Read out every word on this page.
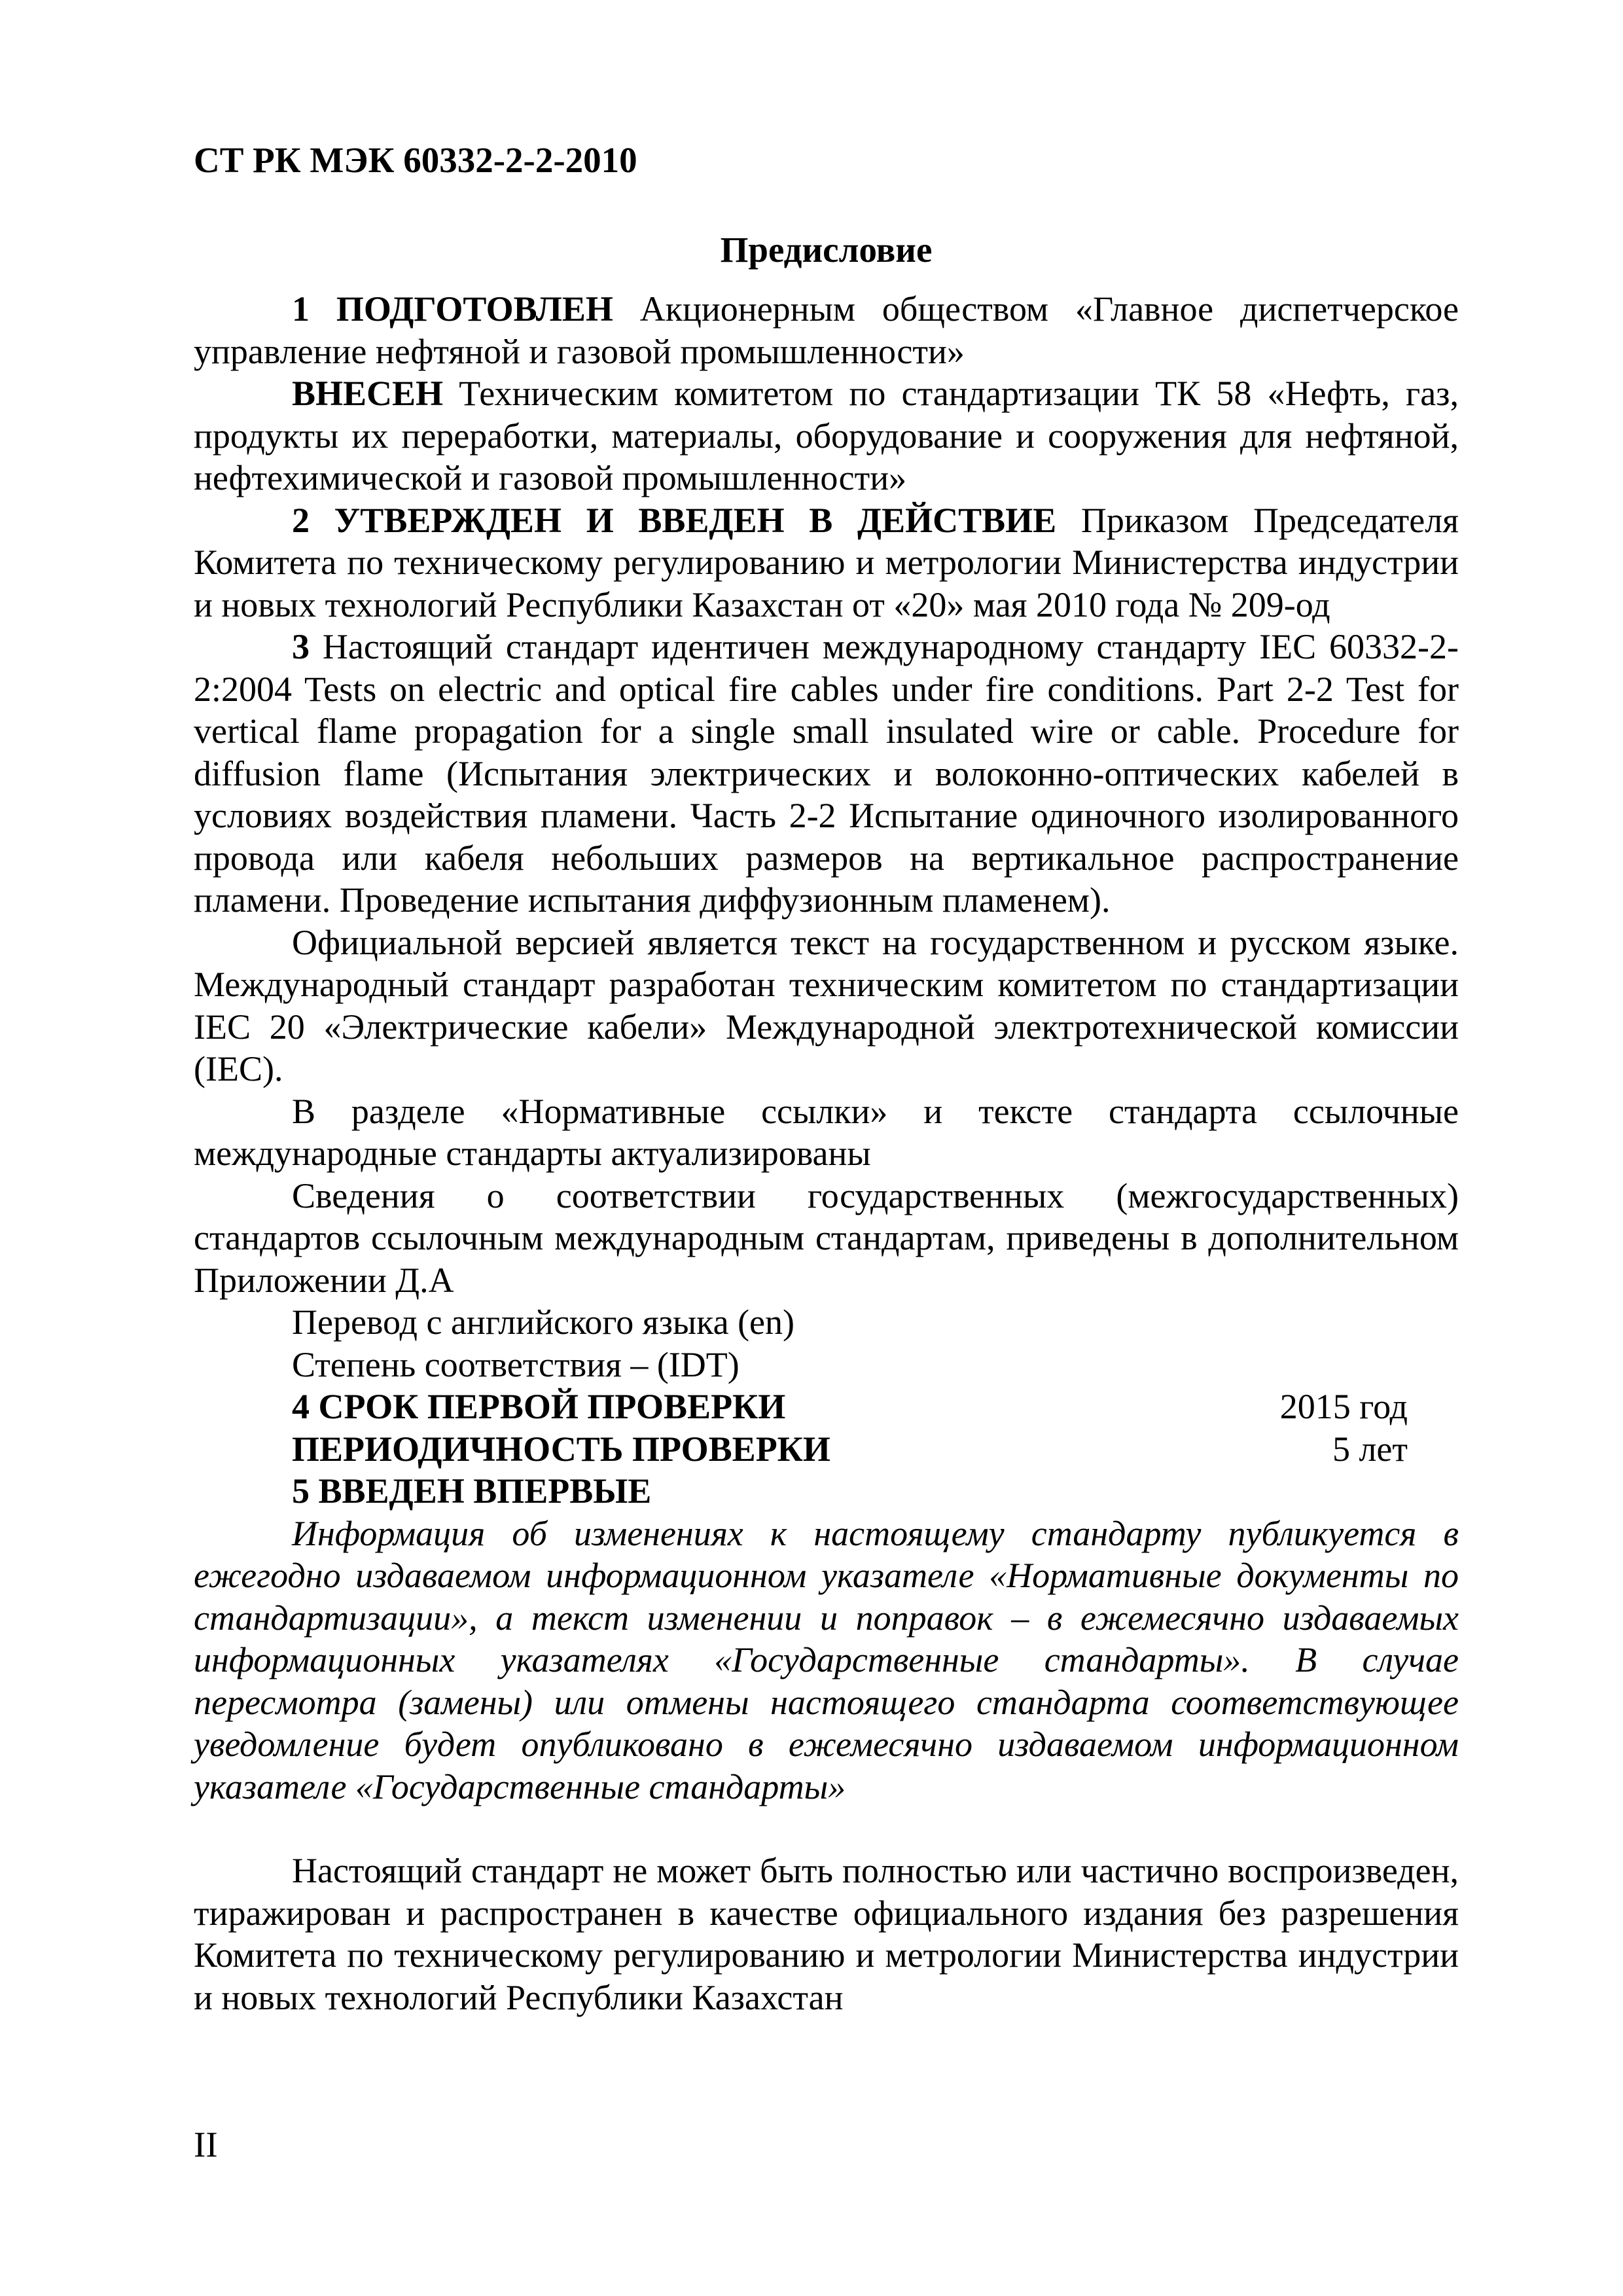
СТ РК МЭК 60332-2-2-2010
Предисловие

1 ПОДГОТОВЛЕН Акционерным обществом «Главное диспетчерское управление нефтяной и газовой промышленности»

ВНЕСЕН Техническим комитетом по стандартизации ТК 58 «Нефть, газ, продукты их переработки, материалы, оборудование и сооружения для нефтяной, нефтехимической и газовой промышленности»

2 УТВЕРЖДЕН И ВВЕДЕН В ДЕЙСТВИЕ Приказом Председателя Комитета по техническому регулированию и метрологии Министерства индустрии и новых технологий Республики Казахстан от «20» мая 2010 года № 209-од

3 Настоящий стандарт идентичен международному стандарту IEC 60332-2-2:2004 Tests on electric and optical fire cables under fire conditions. Part 2-2 Test for vertical flame propagation for a single small insulated wire or cable. Procedure for diffusion flame (Испытания электрических и волоконно-оптических кабелей в условиях воздействия пламени. Часть 2-2 Испытание одиночного изолированного провода или кабеля небольших размеров на вертикальное распространение пламени. Проведение испытания диффузионным пламенем).

Официальной версией является текст на государственном и русском языке. Международный стандарт разработан техническим комитетом по стандартизации IEC 20 «Электрические кабели» Международной электротехнической комиссии (IEC).

В разделе «Нормативные ссылки» и тексте стандарта ссылочные международные стандарты актуализированы

Сведения о соответствии государственных (межгосударственных) стандартов ссылочным международным стандартам, приведены в дополнительном Приложении Д.А

Перевод с английского языка (en)

Степень соответствия – (IDT)

4 СРОК ПЕРВОЙ ПРОВЕРКИ	2015 год
ПЕРИОДИЧНОСТЬ ПРОВЕРКИ	5 лет

5 ВВЕДЕН ВПЕРВЫЕ

Информация об изменениях к настоящему стандарту публикуется в ежегодно издаваемом информационном указателе «Нормативные документы по стандартизации», а текст изменении и поправок – в ежемесячно издаваемых информационных указателях «Государственные стандарты». В случае пересмотра (замены) или отмены настоящего стандарта соответствующее уведомление будет опубликовано в ежемесячно издаваемом информационном указателе «Государственные стандарты»

Настоящий стандарт не может быть полностью или частично воспроизведен, тиражирован и распространен в качестве официального издания без разрешения Комитета по техническому регулированию и метрологии Министерства индустрии и новых технологий Республики Казахстан

II
